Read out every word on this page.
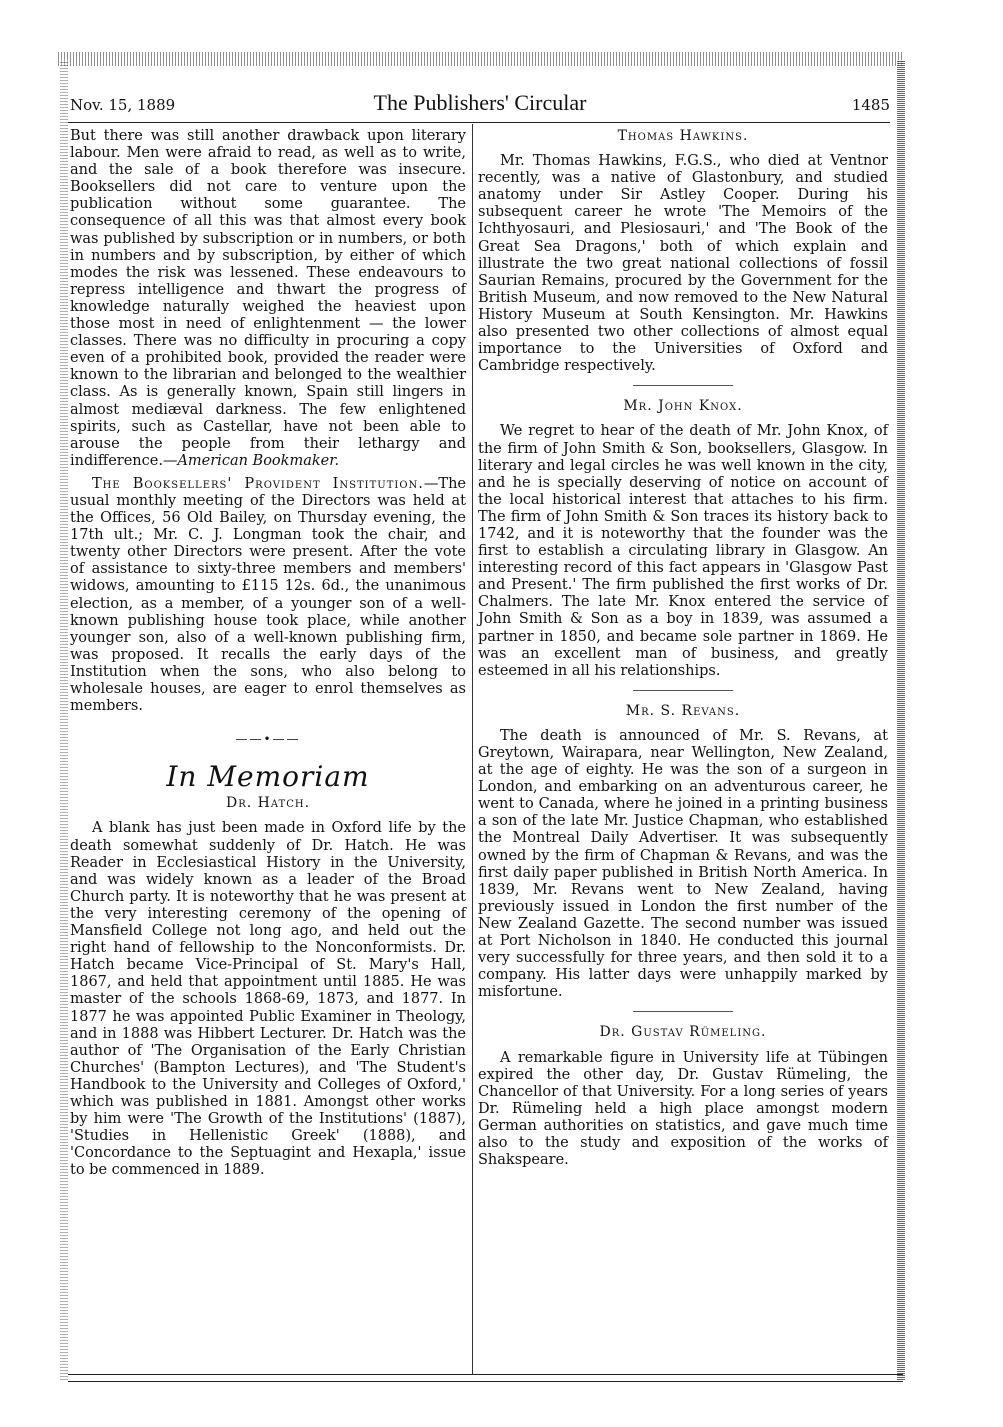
Nov. 15, 1889	The Publishers' Circular	1485

But there was still another drawback upon literary labour. Men were afraid to read, as well as to write, and the sale of a book therefore was insecure. Booksellers did not care to venture upon the publication without some guarantee. The consequence of all this was that almost every book was published by subscription or in numbers, or both in numbers and by subscription, by either of which modes the risk was lessened. These endeavours to repress intelligence and thwart the progress of knowledge naturally weighed the heaviest upon those most in need of enlightenment — the lower classes. There was no difficulty in procuring a copy even of a prohibited book, provided the reader were known to the librarian and belonged to the wealthier class. As is generally known, Spain still lingers in almost mediæval darkness. The few enlightened spirits, such as Castellar, have not been able to arouse the people from their lethargy and indifference.—American Bookmaker.

The Booksellers' Provident Institution.—The usual monthly meeting of the Directors was held at the Offices, 56 Old Bailey, on Thursday evening, the 17th ult.; Mr. C. J. Longman took the chair, and twenty other Directors were present. After the vote of assistance to sixty-three members and members' widows, amounting to £115 12s. 6d., the unanimous election, as a member, of a younger son of a well-known publishing house took place, while another younger son, also of a well-known publishing firm, was proposed. It recalls the early days of the Institution when the sons, who also belong to wholesale houses, are eager to enrol themselves as members.

——•——
In Memoriam
Dr. Hatch.

A blank has just been made in Oxford life by the death somewhat suddenly of Dr. Hatch. He was Reader in Ecclesiastical History in the University, and was widely known as a leader of the Broad Church party. It is noteworthy that he was present at the very interesting ceremony of the opening of Mansfield College not long ago, and held out the right hand of fellowship to the Nonconformists. Dr. Hatch became Vice-Principal of St. Mary's Hall, 1867, and held that appointment until 1885. He was master of the schools 1868-69, 1873, and 1877. In 1877 he was appointed Public Examiner in Theology, and in 1888 was Hibbert Lecturer. Dr. Hatch was the author of 'The Organisation of the Early Christian Churches' (Bampton Lectures), and 'The Student's Handbook to the University and Colleges of Oxford,' which was published in 1881. Amongst other works by him were 'The Growth of the Institutions' (1887), 'Studies in Hellenistic Greek' (1888), and 'Concordance to the Septuagint and Hexapla,' issue to be commenced in 1889.

Thomas Hawkins.

Mr. Thomas Hawkins, F.G.S., who died at Ventnor recently, was a native of Glastonbury, and studied anatomy under Sir Astley Cooper. During his subsequent career he wrote 'The Memoirs of the Ichthyosauri, and Plesiosauri,' and 'The Book of the Great Sea Dragons,' both of which explain and illustrate the two great national collections of fossil Saurian Remains, procured by the Government for the British Museum, and now removed to the New Natural History Museum at South Kensington. Mr. Hawkins also presented two other collections of almost equal importance to the Universities of Oxford and Cambridge respectively.

Mr. John Knox.

We regret to hear of the death of Mr. John Knox, of the firm of John Smith & Son, booksellers, Glasgow. In literary and legal circles he was well known in the city, and he is specially deserving of notice on account of the local historical interest that attaches to his firm. The firm of John Smith & Son traces its history back to 1742, and it is noteworthy that the founder was the first to establish a circulating library in Glasgow. An interesting record of this fact appears in 'Glasgow Past and Present.' The firm published the first works of Dr. Chalmers. The late Mr. Knox entered the service of John Smith & Son as a boy in 1839, was assumed a partner in 1850, and became sole partner in 1869. He was an excellent man of business, and greatly esteemed in all his relationships.

Mr. S. Revans.

The death is announced of Mr. S. Revans, at Greytown, Wairapara, near Wellington, New Zealand, at the age of eighty. He was the son of a surgeon in London, and embarking on an adventurous career, he went to Canada, where he joined in a printing business a son of the late Mr. Justice Chapman, who established the Montreal Daily Advertiser. It was subsequently owned by the firm of Chapman & Revans, and was the first daily paper published in British North America. In 1839, Mr. Revans went to New Zealand, having previously issued in London the first number of the New Zealand Gazette. The second number was issued at Port Nicholson in 1840. He conducted this journal very successfully for three years, and then sold it to a company. His latter days were unhappily marked by misfortune.

Dr. Gustav Rümeling.

A remarkable figure in University life at Tübingen expired the other day, Dr. Gustav Rümeling, the Chancellor of that University. For a long series of years Dr. Rümeling held a high place amongst modern German authorities on statistics, and gave much time also to the study and exposition of the works of Shakspeare.
